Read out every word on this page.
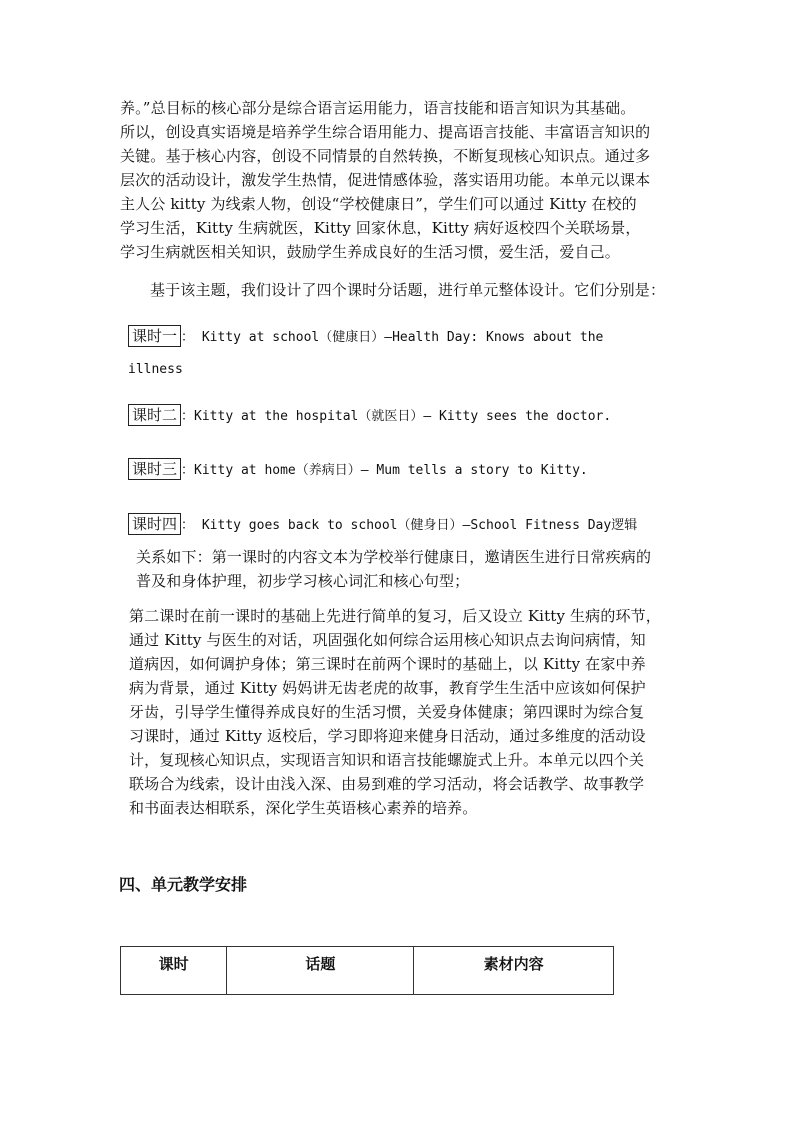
养。”总目标的核心部分是综合语言运用能力，语言技能和语言知识为其基础。
所以，创设真实语境是培养学生综合语用能力、提高语言技能、丰富语言知识的
关键。基于核心内容，创设不同情景的自然转换，不断复现核心知识点。通过多
层次的活动设计，激发学生热情，促进情感体验，落实语用功能。本单元以课本
主人公 kitty 为线索人物，创设“学校健康日”，学生们可以通过 Kitty 在校的
学习生活，Kitty 生病就医，Kitty 回家休息，Kitty 病好返校四个关联场景，
学习生病就医相关知识，鼓励学生养成良好的生活习惯，爱生活，爱自己。
基于该主题，我们设计了四个课时分话题，进行单元整体设计。它们分别是：
课时一 ： Kitty at school（健康日）—Health Day: Knows about the
illness
课时二 ：Kitty at the hospital（就医日）— Kitty sees the doctor.
课时三 ：Kitty at home（养病日）— Mum tells a story to Kitty.
课时四 ： Kitty goes back to school（健身日）—School Fitness Day逻辑
关系如下：第一课时的内容文本为学校举行健康日，邀请医生进行日常疾病的
普及和身体护理，初步学习核心词汇和核心句型；
第二课时在前一课时的基础上先进行简单的复习，后又设立 Kitty 生病的环节，
通过 Kitty 与医生的对话，巩固强化如何综合运用核心知识点去询问病情，知
道病因，如何调护身体；第三课时在前两个课时的基础上，以 Kitty 在家中养
病为背景，通过 Kitty 妈妈讲无齿老虎的故事，教育学生生活中应该如何保护
牙齿，引导学生懂得养成良好的生活习惯，关爱身体健康；第四课时为综合复
习课时，通过 Kitty 返校后，学习即将迎来健身日活动，通过多维度的活动设
计，复现核心知识点，实现语言知识和语言技能螺旋式上升。本单元以四个关
联场合为线索，设计由浅入深、由易到难的学习活动，将会话教学、故事教学
和书面表达相联系，深化学生英语核心素养的培养。
四、单元教学安排
课时	话题	素材内容
